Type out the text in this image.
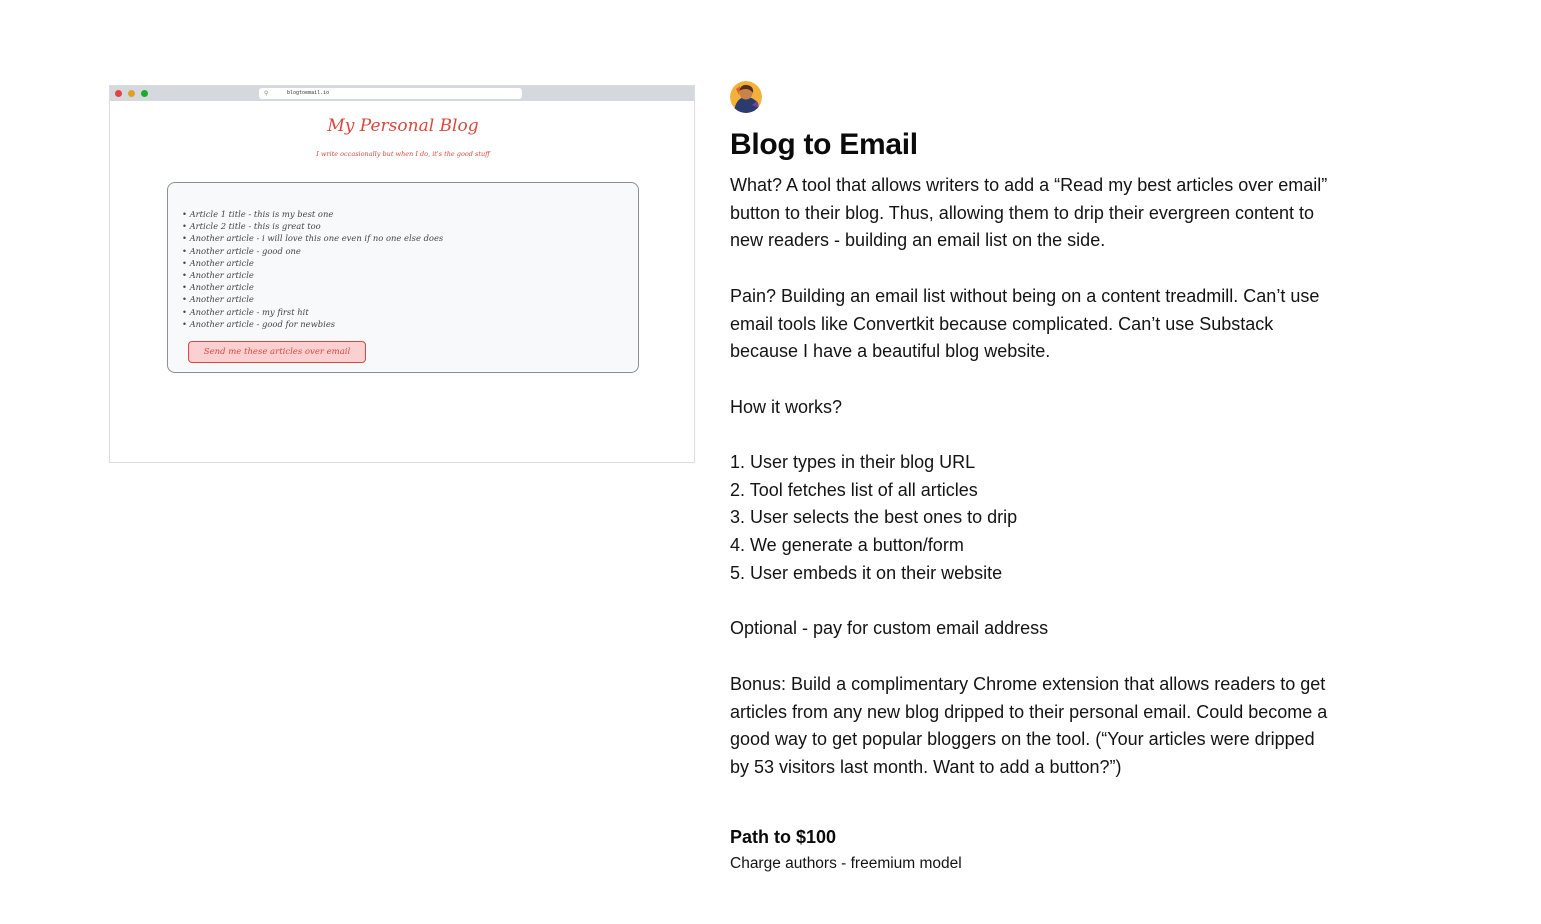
⚲	blogtoemail.io
My Personal Blog
I write occasionally but when I do, it's the good stuff
• Article 1 title - this is my best one
• Article 2 title - this is great too
• Another article - i will love this one even if no one else does
• Another article - good one
• Another article
• Another article
• Another article
• Another article
• Another article - my first hit
• Another article - good for newbies
Send me these articles over email
Blog to Email

What? A tool that allows writers to add a “Read my best articles over email” button to their blog. Thus, allowing them to drip their evergreen content to new readers - building an email list on the side.

Pain? Building an email list without being on a content treadmill. Can’t use email tools like Convertkit because complicated. Can’t use Substack because I have a beautiful blog website.

How it works?

1. User types in their blog URL
2. Tool fetches list of all articles
3. User selects the best ones to drip
4. We generate a button/form
5. User embeds it on their website

Optional - pay for custom email address

Bonus: Build a complimentary Chrome extension that allows readers to get articles from any new blog dripped to their personal email. Could become a good way to get popular bloggers on the tool. (“Your articles were dripped by 53 visitors last month. Want to add a button?”)

Path to $100
Charge authors - freemium model
